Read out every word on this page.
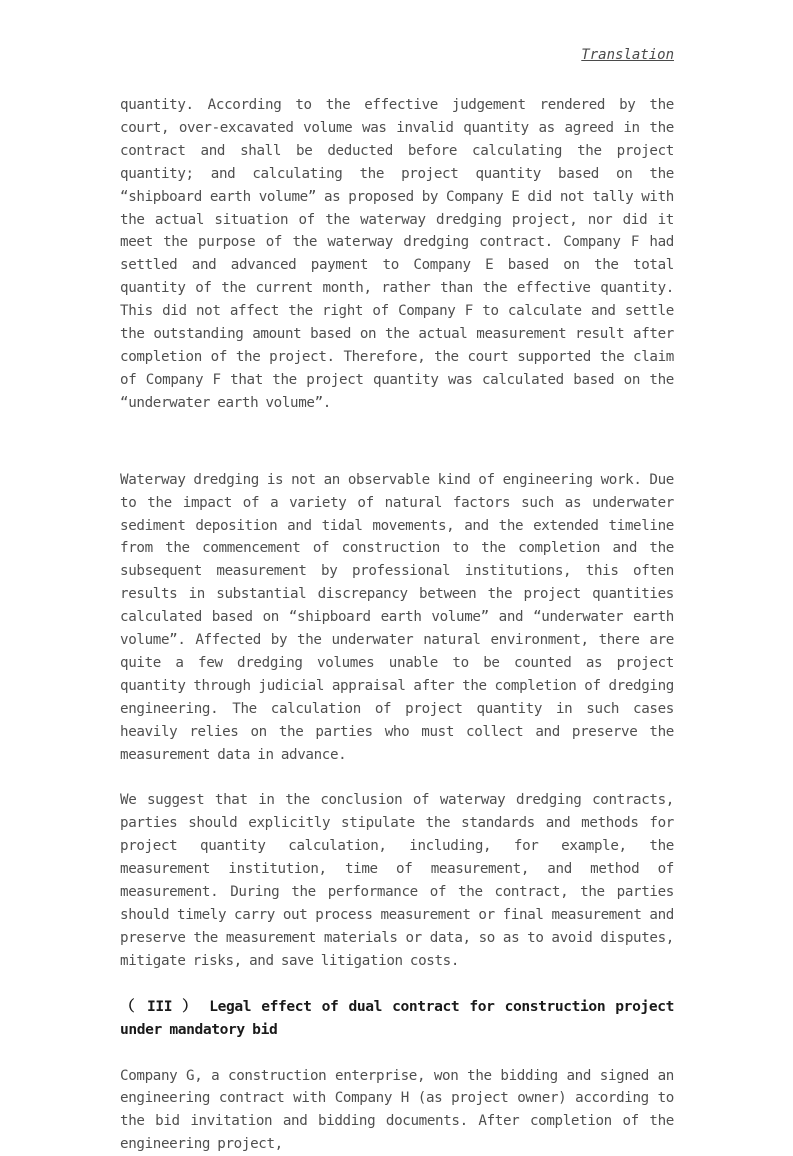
Translation

quantity. According to the effective judgement rendered by the court, over-excavated volume was invalid quantity as agreed in the contract and shall be deducted before calculating the project quantity; and calculating the project quantity based on the “shipboard earth volume” as proposed by Company E did not tally with the actual situation of the waterway dredging project, nor did it meet the purpose of the waterway dredging contract. Company F had settled and advanced payment to Company E based on the total quantity of the current month, rather than the effective quantity. This did not affect the right of Company F to calculate and settle the outstanding amount based on the actual measurement result after completion of the project. Therefore, the court supported the claim of Company F that the project quantity was calculated based on the “underwater earth volume”.

Waterway dredging is not an observable kind of engineering work. Due to the impact of a variety of natural factors such as underwater sediment deposition and tidal movements, and the extended timeline from the commencement of construction to the completion and the subsequent measurement by professional institutions, this often results in substantial discrepancy between the project quantities calculated based on “shipboard earth volume” and “underwater earth volume”. Affected by the underwater natural environment, there are quite a few dredging volumes unable to be counted as project quantity through judicial appraisal after the completion of dredging engineering. The calculation of project quantity in such cases heavily relies on the parties who must collect and preserve the measurement data in advance.

We suggest that in the conclusion of waterway dredging contracts, parties should explicitly stipulate the standards and methods for project quantity calculation, including, for example, the measurement institution, time of measurement, and method of measurement. During the performance of the contract, the parties should timely carry out process measurement or final measurement and preserve the measurement materials or data, so as to avoid disputes, mitigate risks, and save litigation costs.

（ III ） Legal effect of dual contract for construction project under mandatory bid

Company G, a construction enterprise, won the bidding and signed an engineering contract with Company H (as project owner) according to the bid invitation and bidding documents. After completion of the engineering project,
